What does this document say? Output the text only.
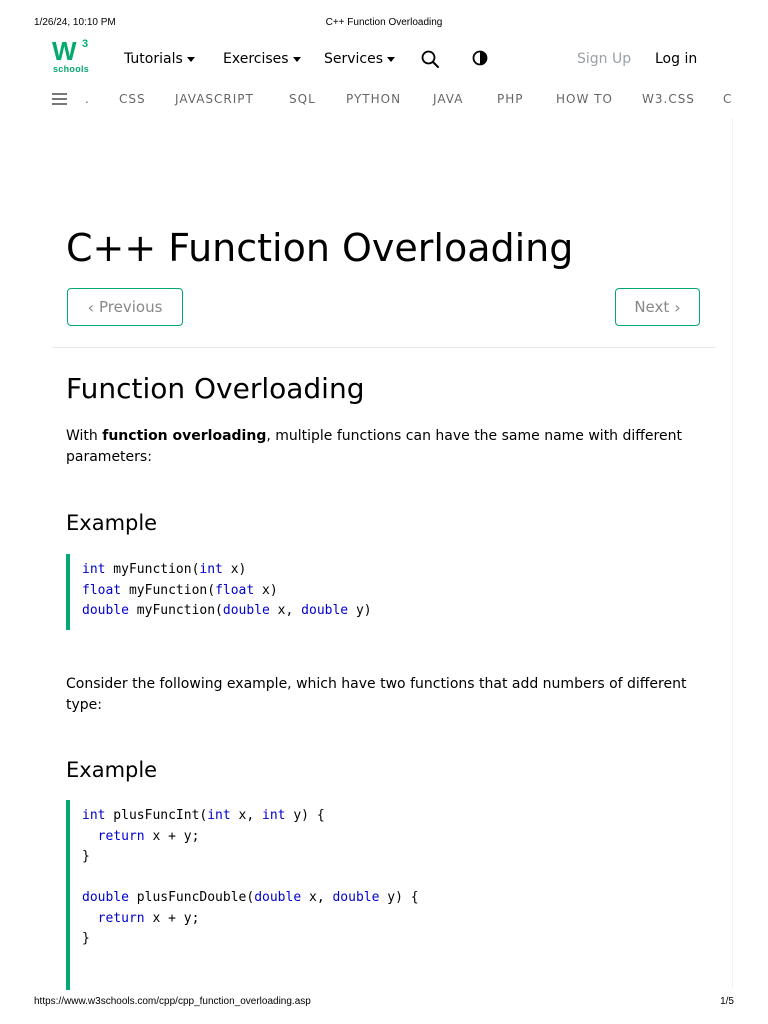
1/26/24, 10:10 PM	C++ Function Overloading
W 3
schools
Tutorials	Exercises	Services	Sign Up Log in
. CSS JAVASCRIPT	SQL	PYTHON	JAVA	PHP	HOW TO W3.CSS C
C++ Function Overloading
‹ Previous	Next ›
Function Overloading

With function overloading, multiple functions can have the same name with different parameters:

Example
int myFunction(int x)
float myFunction(float x)
double myFunction(double x, double y)

Consider the following example, which have two functions that add numbers of different type:

Example
int plusFuncInt(int x, int y) {
return x + y;
}

double plusFuncDouble(double x, double y) {
return x + y;
}
https://www.w3schools.com/cpp/cpp_function_overloading.asp	1/5
